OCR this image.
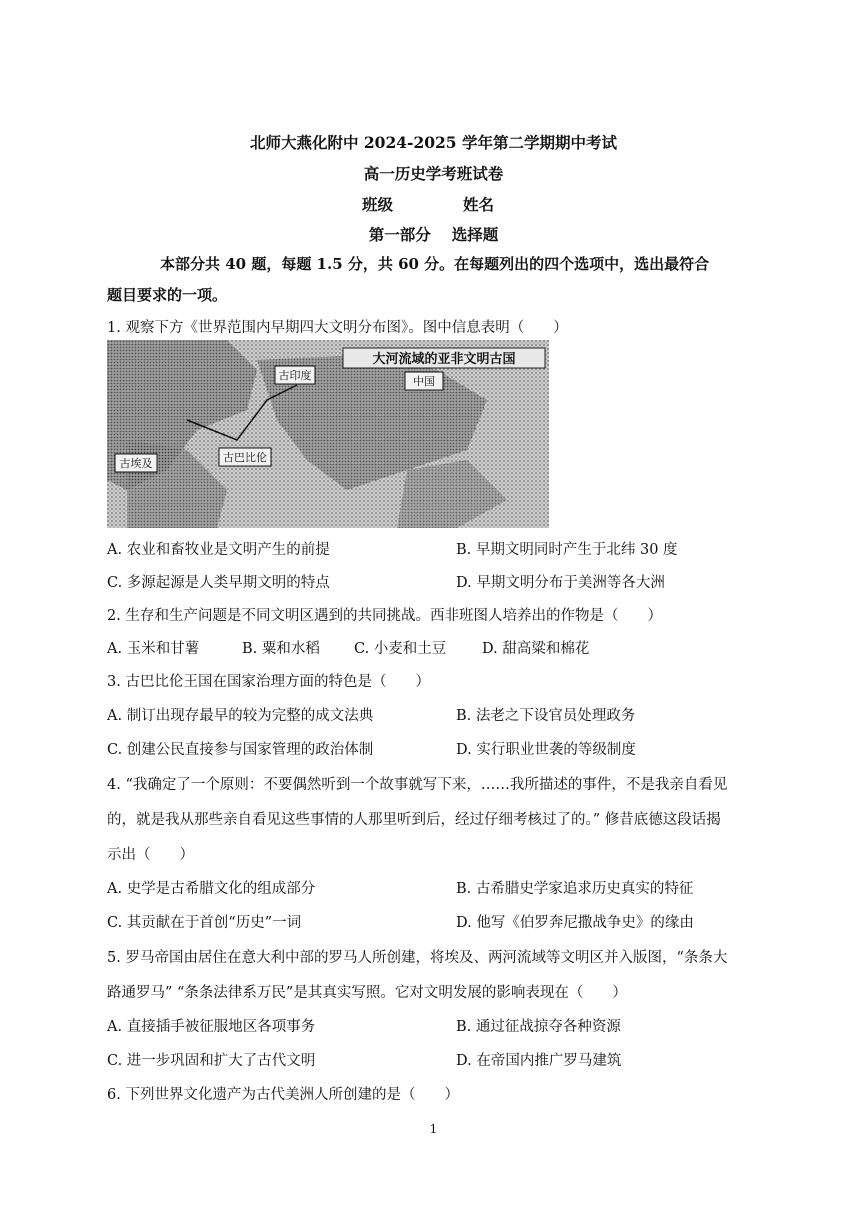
北师大燕化附中 2024-2025 学年第二学期期中考试
高一历史学考班试卷
班级	姓名
第一部分　 选择题
本部分共 40 题，每题 1.5 分，共 60 分。在每题列出的四个选项中，选出最符合
题目要求的一项。
1. 观察下方《世界范围内早期四大文明分布图》。图中信息表明（　　）
大河流域的亚非文明古国
古印度	中国
古埃及	古巴比伦
A. 农业和畜牧业是文明产生的前提	B. 早期文明同时产生于北纬 30 度
C. 多源起源是人类早期文明的特点	D. 早期文明分布于美洲等各大洲
2. 生存和生产问题是不同文明区遇到的共同挑战。西非班图人培养出的作物是（　　）
A. 玉米和甘薯	B. 粟和水稻 C. 小麦和土豆 D. 甜高粱和棉花
3. 古巴比伦王国在国家治理方面的特色是（　　）
A. 制订出现存最早的较为完整的成文法典	B. 法老之下设官员处理政务
C. 创建公民直接参与国家管理的政治体制	D. 实行职业世袭的等级制度
4. “我确定了一个原则：不要偶然听到一个故事就写下来，……我所描述的事件，不是我亲自看见
的，就是我从那些亲自看见这些事情的人那里听到后，经过仔细考核过了的。” 修昔底德这段话揭
示出（　　）
A. 史学是古希腊文化的组成部分	B. 古希腊史学家追求历史真实的特征
C. 其贡献在于首创“历史”一词	D. 他写《伯罗奔尼撒战争史》的缘由
5. 罗马帝国由居住在意大利中部的罗马人所创建，将埃及、两河流域等文明区并入版图，“条条大
路通罗马” “条条法律系万民”是其真实写照。它对文明发展的影响表现在（　　）
A. 直接插手被征服地区各项事务	B. 通过征战掠夺各种资源
C. 进一步巩固和扩大了古代文明	D. 在帝国内推广罗马建筑
6. 下列世界文化遗产为古代美洲人所创建的是（　　）
1
